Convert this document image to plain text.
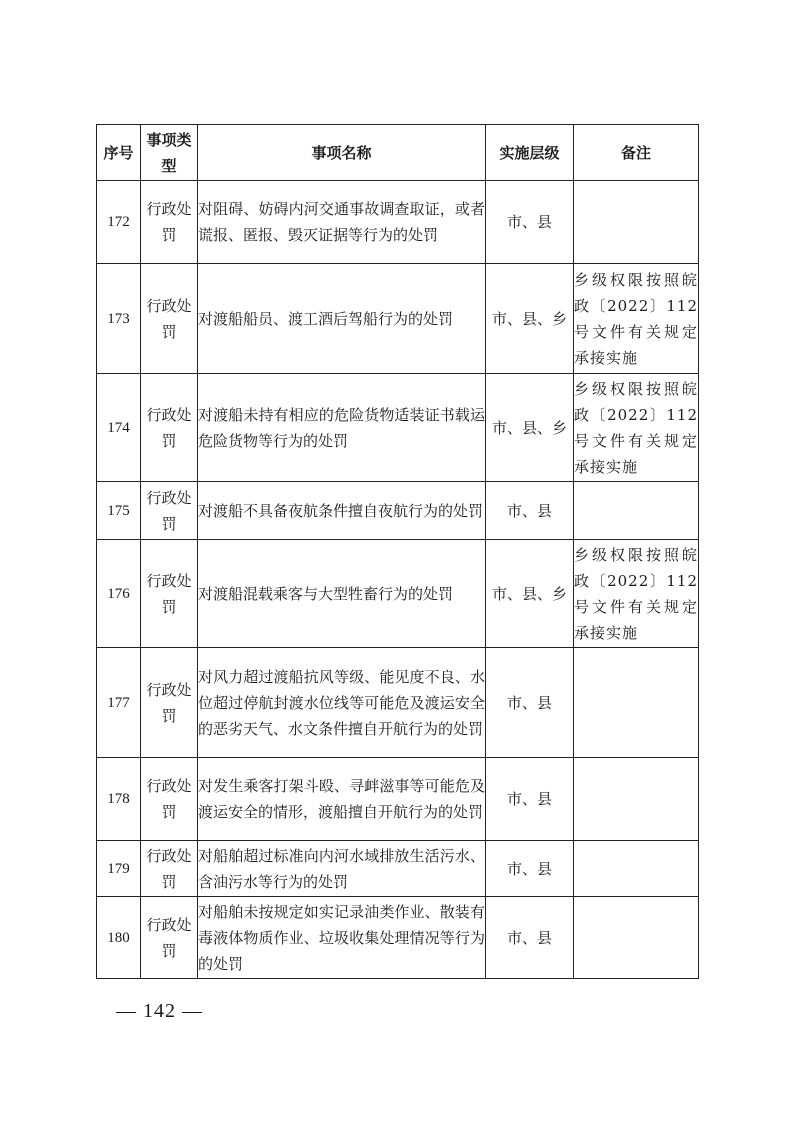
序号	事项类型	事项名称	实施层级	备注
172	行政处罚	对阻碍、妨碍内河交通事故调查取证，或者谎报、匿报、毁灭证据等行为的处罚	市、县	
173	行政处罚	对渡船船员、渡工酒后驾船行为的处罚	市、县、乡	乡级权限按照皖政〔2022〕112号文件有关规定承接实施
174	行政处罚	对渡船未持有相应的危险货物适装证书载运危险货物等行为的处罚	市、县、乡	乡级权限按照皖政〔2022〕112号文件有关规定承接实施
175	行政处罚	对渡船不具备夜航条件擅自夜航行为的处罚	市、县	
176	行政处罚	对渡船混载乘客与大型牲畜行为的处罚	市、县、乡	乡级权限按照皖政〔2022〕112号文件有关规定承接实施
177	行政处罚	对风力超过渡船抗风等级、能见度不良、水位超过停航封渡水位线等可能危及渡运安全的恶劣天气、水文条件擅自开航行为的处罚	市、县	
178	行政处罚	对发生乘客打架斗殴、寻衅滋事等可能危及渡运安全的情形，渡船擅自开航行为的处罚	市、县	
179	行政处罚	对船舶超过标准向内河水域排放生活污水、含油污水等行为的处罚	市、县	
180	行政处罚	对船舶未按规定如实记录油类作业、散装有毒液体物质作业、垃圾收集处理情况等行为的处罚	市、县	
— 142 —
